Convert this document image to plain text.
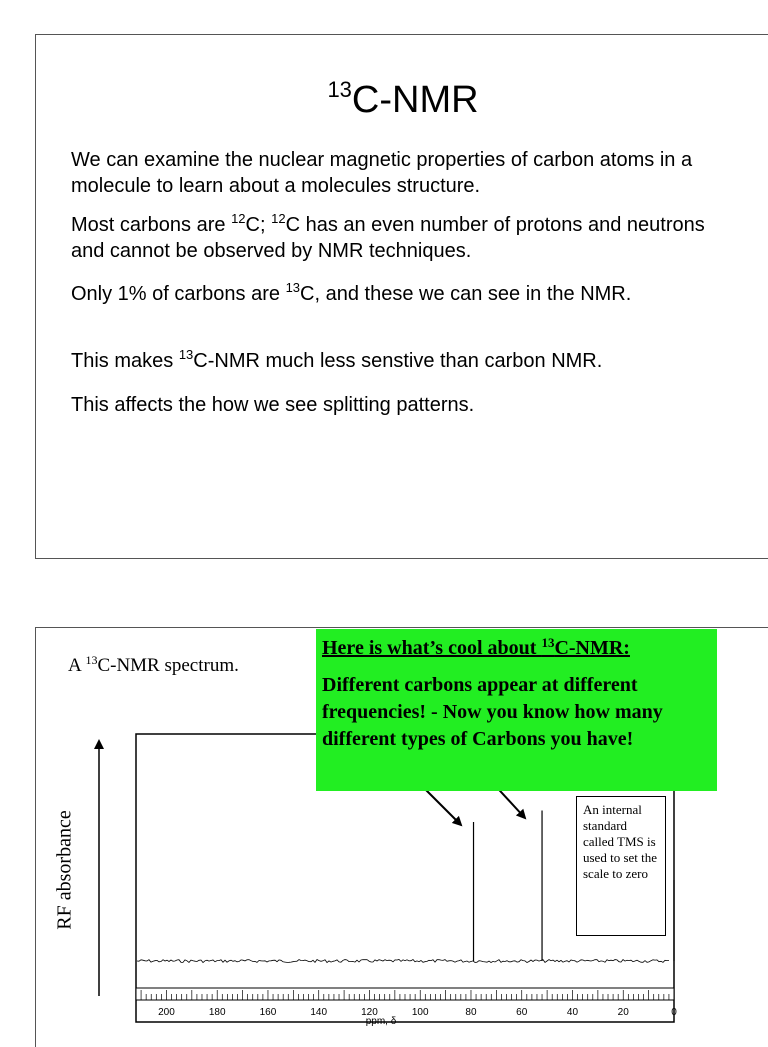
$^{13}$C-NMR

We can examine the nuclear magnetic properties of carbon atoms in a molecule to learn about a molecules structure.

Most carbons are $^{12}$C; $^{12}$C has an even number of protons and neutrons and cannot be observed by NMR techniques.

Only 1% of carbons are $^{13}$C, and these we can see in the NMR.

This makes $^{13}$C-NMR much less senstive than carbon NMR.

This affects the how we see splitting patterns.

A $^{13}$C-NMR spectrum.
RF absorbance
200	180	160	140	120	100	80	60	40	20	0
ppm, δ
An internal standard called TMS is used to set the scale to zero

Here is what’s cool about $^{13}$C-NMR:

Different carbons appear at different frequencies! - Now you know how many different types of Carbons you have!
